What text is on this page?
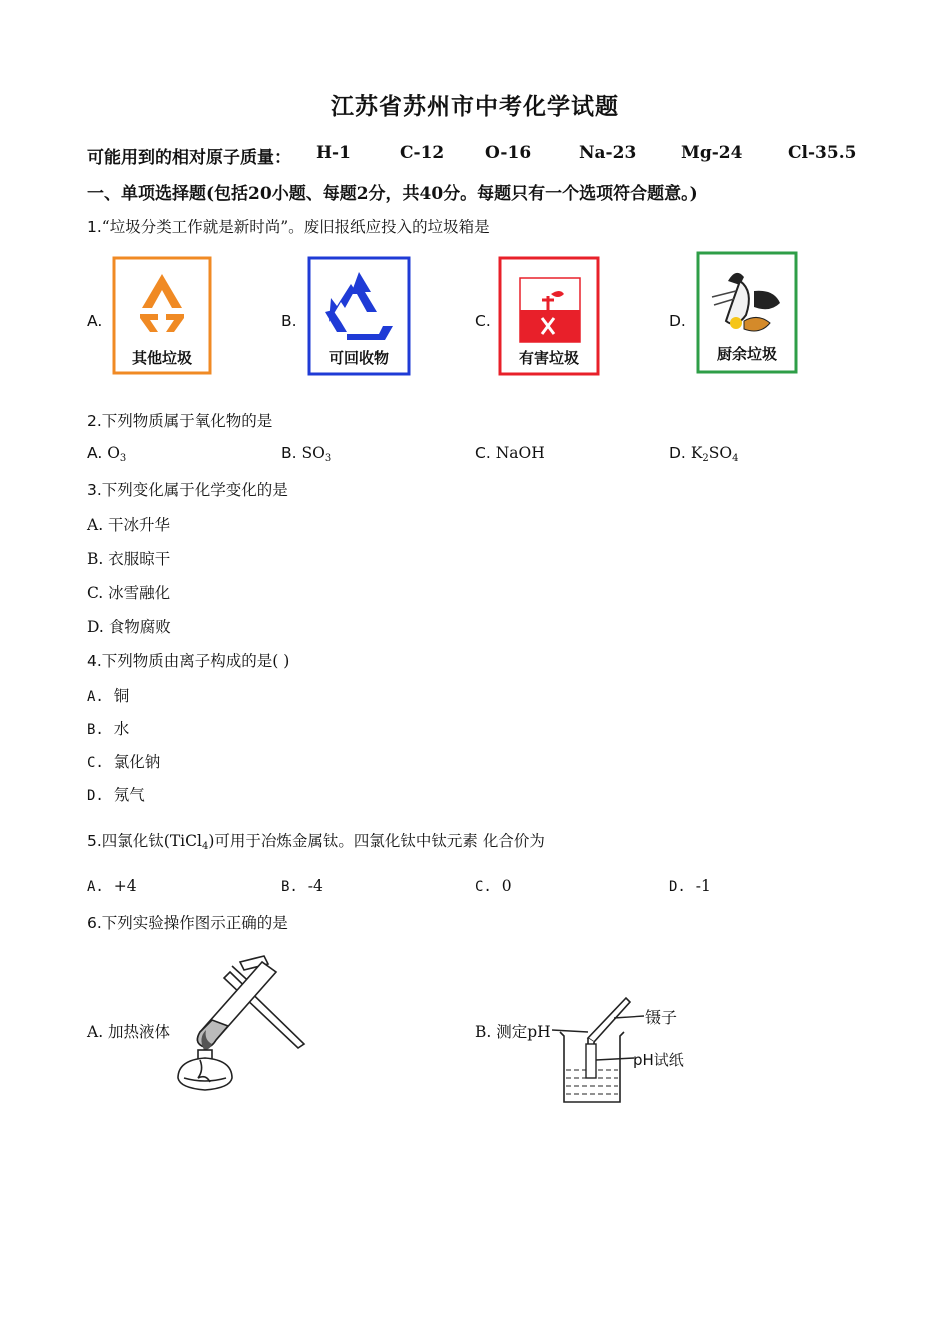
江苏省苏州市中考化学试题
可能用到的相对原子质量： H-1	C-12 O-16	Na-23	Mg-24	Cl-35.5
一、单项选择题(包括20小题、每题2分，共40分。每题只有一个选项符合题意。)
1.“垃圾分类工作就是新时尚”。废旧报纸应投入的垃圾箱是
A.
其他垃圾
B.
可回收物
C.
有害垃圾
D.
厨余垃圾
2.下列物质属于氧化物的是
A. $O_3$	B. $SO_3$	C. NaOH	D. $K_2SO_4$
3.下列变化属于化学变化的是
A. 干冰升华
B. 衣服晾干
C. 冰雪融化
D. 食物腐败
4.下列物质由离子构成的是( )
A. 铜
B. 水
C. 氯化钠
D. 氖气
5.四氯化钛(TiCl$_4$)可用于冶炼金属钛。四氯化钛中钛元素 化合价为
A. +4	B. -4	C. 0	D. -1
6.下列实验操作图示正确的是
A. 加热液体	B. 测定pH
镊子
pH试纸
